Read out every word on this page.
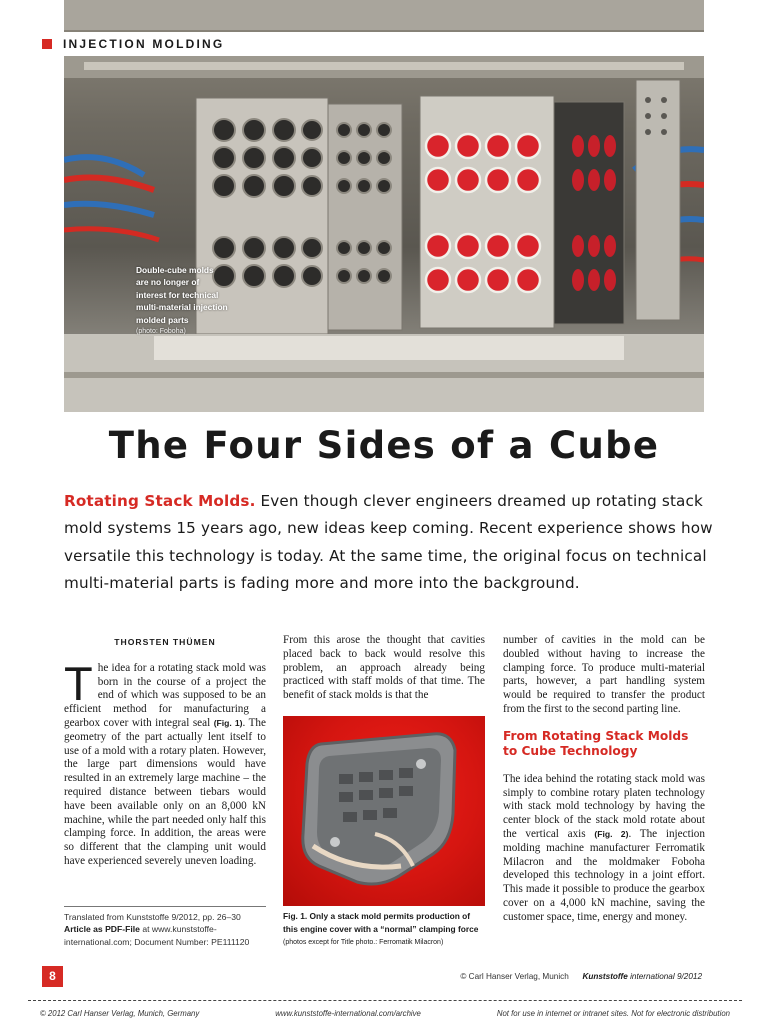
Double-cube molds are no longer of interest for technical multi-material injection molded parts
(photo: Foboha)
INJECTION MOLDING
The Four Sides of a Cube

Rotating Stack Molds. Even though clever engineers dreamed up rotating stack mold systems 15 years ago, new ideas keep coming. Recent experience shows how versatile this technology is today. At the same time, the original focus on technical multi-material parts is fading more and more into the background.

THORSTEN THÜMEN

The idea for a rotating stack mold was born in the course of a project the end of which was supposed to be an efficient method for manufacturing a gearbox cover with integral seal (Fig. 1). The geometry of the part actually lent itself to use of a mold with a rotary platen. However, the large part dimensions would have resulted in an extremely large machine – the required distance between tiebars would have been available only on an 8,000 kN machine, while the part needed only half this clamping force. In addition, the areas were so different that the clamping unit would have experienced severely uneven loading.

Translated from Kunststoffe 9/2012, pp. 26–30
Article as PDF-File at www.kunststoffe-international.com; Document Number: PE111120

From this arose the thought that cavities placed back to back would resolve this problem, an approach already being practiced with staff molds of that time. The benefit of stack molds is that the

Fig. 1. Only a stack mold permits production of this engine cover with a “normal” clamping force (photos except for Title photo.: Ferromatik Milacron)

number of cavities in the mold can be doubled without having to increase the clamping force. To produce multi-material parts, however, a part handling system would be required to transfer the product from the first to the second parting line.

From Rotating Stack Molds to Cube Technology

The idea behind the rotating stack mold was simply to combine rotary platen technology with stack mold technology by having the center block of the stack mold rotate about the vertical axis (Fig. 2). The injection molding machine manufacturer Ferromatik Milacron and the moldmaker Foboha developed this technology in a joint effort. This made it possible to produce the gearbox cover on a 4,000 kN machine, saving the customer space, time, energy and money.

8	© Carl Hanser Verlag, Munich Kunststoffe international 9/2012
© 2012 Carl Hanser Verlag, Munich, Germany	www.kunststoffe-international.com/archive	Not for use in internet or intranet sites. Not for electronic distribution
